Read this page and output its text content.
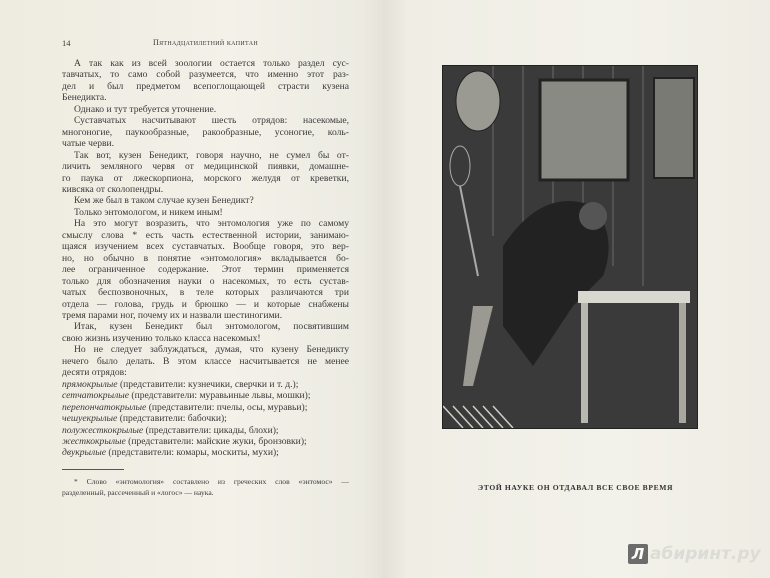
14	Пятнадцатилетний капитан
А так как из всей зоологии остается только раздел сус-
тавчатых, то само собой разумеется, что именно этот раз-
дел и был предметом всепоглощающей страсти кузена
Бенедикта.
Однако и тут требуется уточнение.
Суставчатых насчитывают шесть отрядов: насекомые,
многоногие, паукообразные, ракообразные, усоногие, коль-
чатые черви.
Так вот, кузен Бенедикт, говоря научно, не сумел бы от-
личить земляного червя от медицинской пиявки, домашне-
го паука от лжескорпиона, морского желудя от креветки,
кивсяка от сколопендры.
Кем же был в таком случае кузен Бенедикт?
Только энтомологом, и никем иным!
На это могут возразить, что энтомология уже по самому
смыслу слова * есть часть естественной истории, занимаю-
щаяся изучением всех суставчатых. Вообще говоря, это вер-
но, но обычно в понятие «энтомология» вкладывается бо-
лее ограниченное содержание. Этот термин применяется
только для обозначения науки о насекомых, то есть сустав-
чатых беспозвоночных, в теле которых различаются три
отдела — голова, грудь и брюшко — и которые снабжены
тремя парами ног, почему их и назвали шестиногими.
Итак, кузен Бенедикт был энтомологом, посвятившим
свою жизнь изучению только класса насекомых!
Но не следует заблуждаться, думая, что кузену Бенедикту
нечего было делать. В этом классе насчитывается не менее
десяти отрядов:
прямокрылые (представители: кузнечики, сверчки и т. д.);
сетчатокрылые (представители: муравьиные львы, мошки);
перепончатокрылые (представители: пчелы, осы, муравьи);
чешуекрылые (представители: бабочки);
полужесткокрылые (представители: цикады, блохи);
жесткокрылые (представители: майские жуки, бронзовки);
двукрылые (представители: комары, москиты, мухи);
* Слово «энтомология» составлено из греческих слов «энтомос» —
разделенный, рассеченный и «логос» — наука.
ЭТОЙ НАУКЕ ОН ОТДАВАЛ ВСЕ СВОЕ ВРЕМЯ
Л абиринт.ру
